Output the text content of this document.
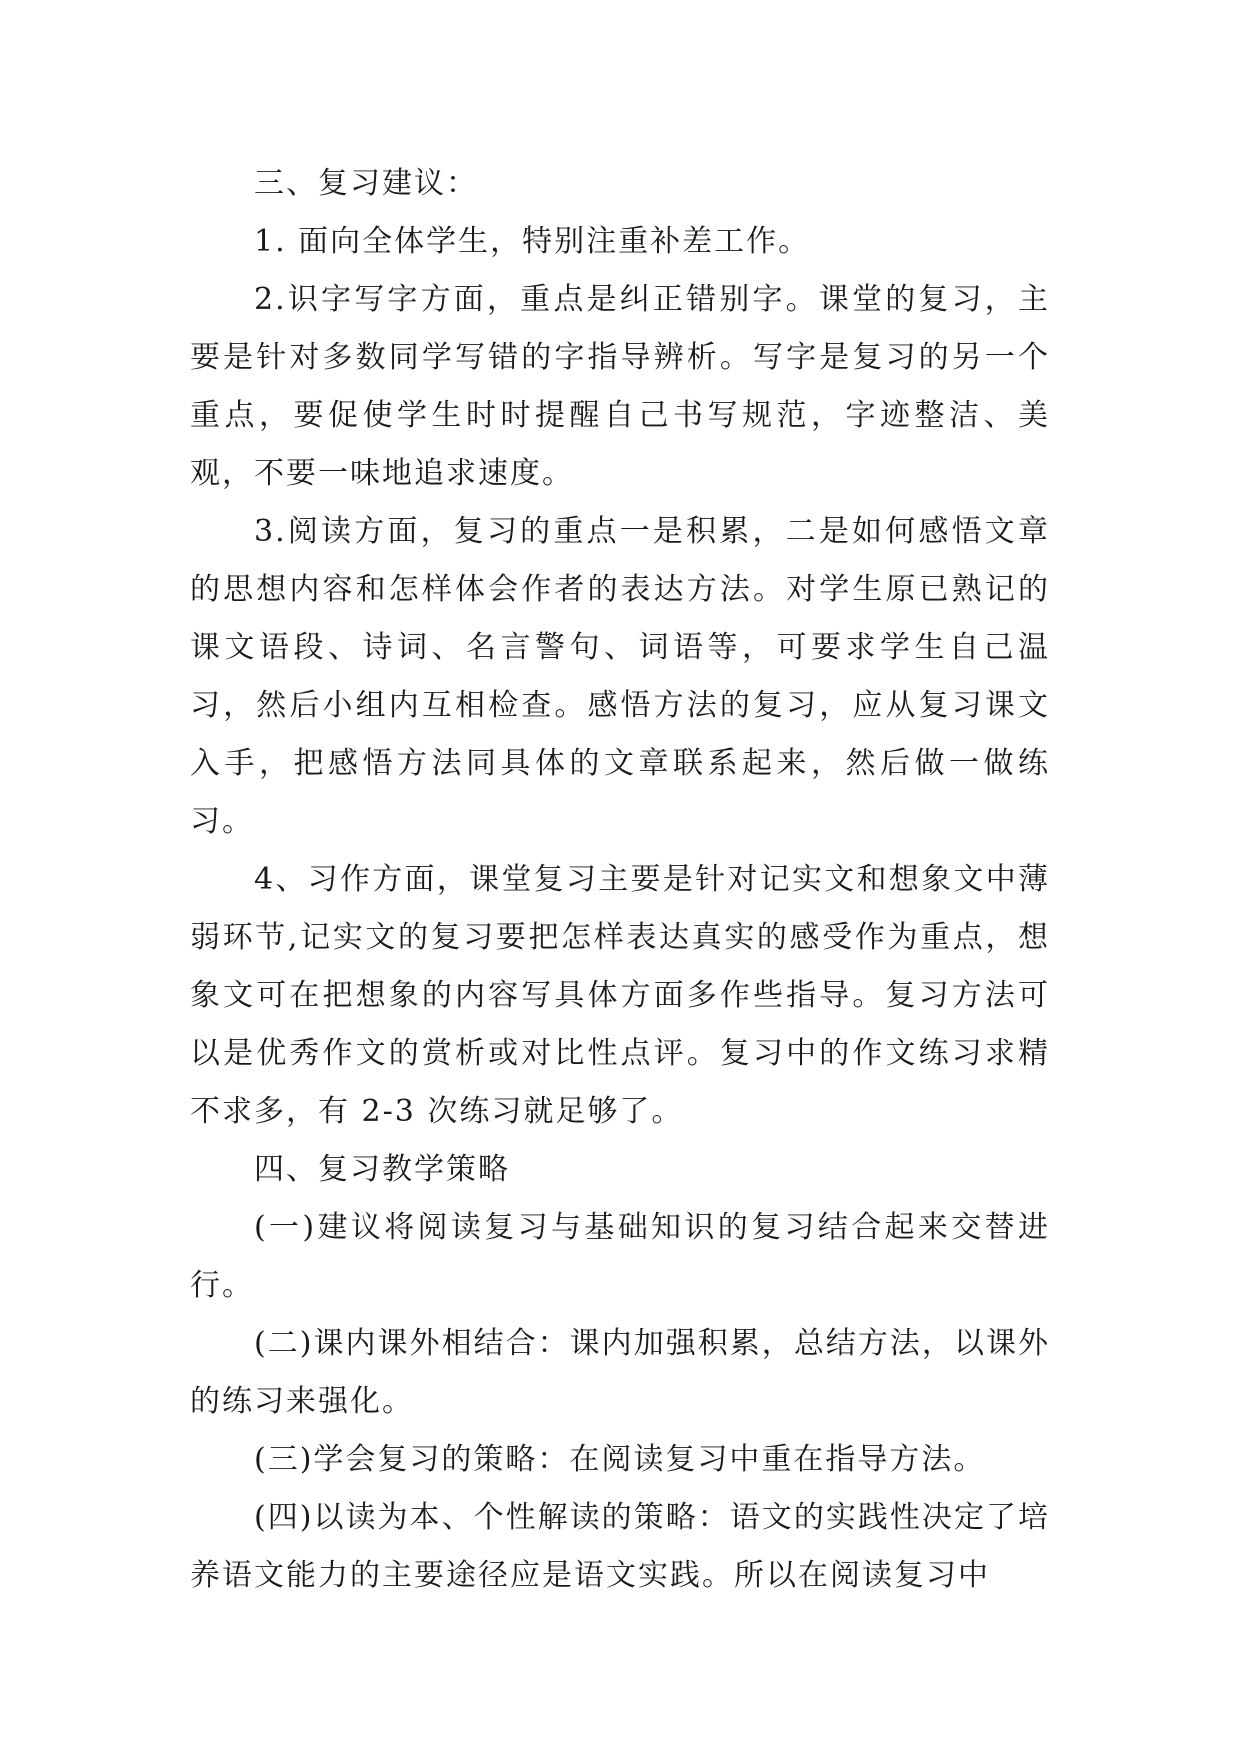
三、复习建议：

1. 面向全体学生，特别注重补差工作。

2.识字写字方面，重点是纠正错别字。课堂的复习，主要是针对多数同学写错的字指导辨析。写字是复习的另一个重点，要促使学生时时提醒自己书写规范，字迹整洁、美观，不要一味地追求速度。

3.阅读方面，复习的重点一是积累，二是如何感悟文章的思想内容和怎样体会作者的表达方法。对学生原已熟记的课文语段、诗词、名言警句、词语等，可要求学生自己温习，然后小组内互相检查。感悟方法的复习，应从复习课文入手，把感悟方法同具体的文章联系起来，然后做一做练习。

4、习作方面，课堂复习主要是针对记实文和想象文中薄弱环节,记实文的复习要把怎样表达真实的感受作为重点，想象文可在把想象的内容写具体方面多作些指导。复习方法可以是优秀作文的赏析或对比性点评。复习中的作文练习求精不求多，有 2-3 次练习就足够了。

四、复习教学策略

(一)建议将阅读复习与基础知识的复习结合起来交替进行。

(二)课内课外相结合：课内加强积累，总结方法，以课外的练习来强化。

(三)学会复习的策略：在阅读复习中重在指导方法。

(四)以读为本、个性解读的策略：语文的实践性决定了培养语文能力的主要途径应是语文实践。所以在阅读复习中
